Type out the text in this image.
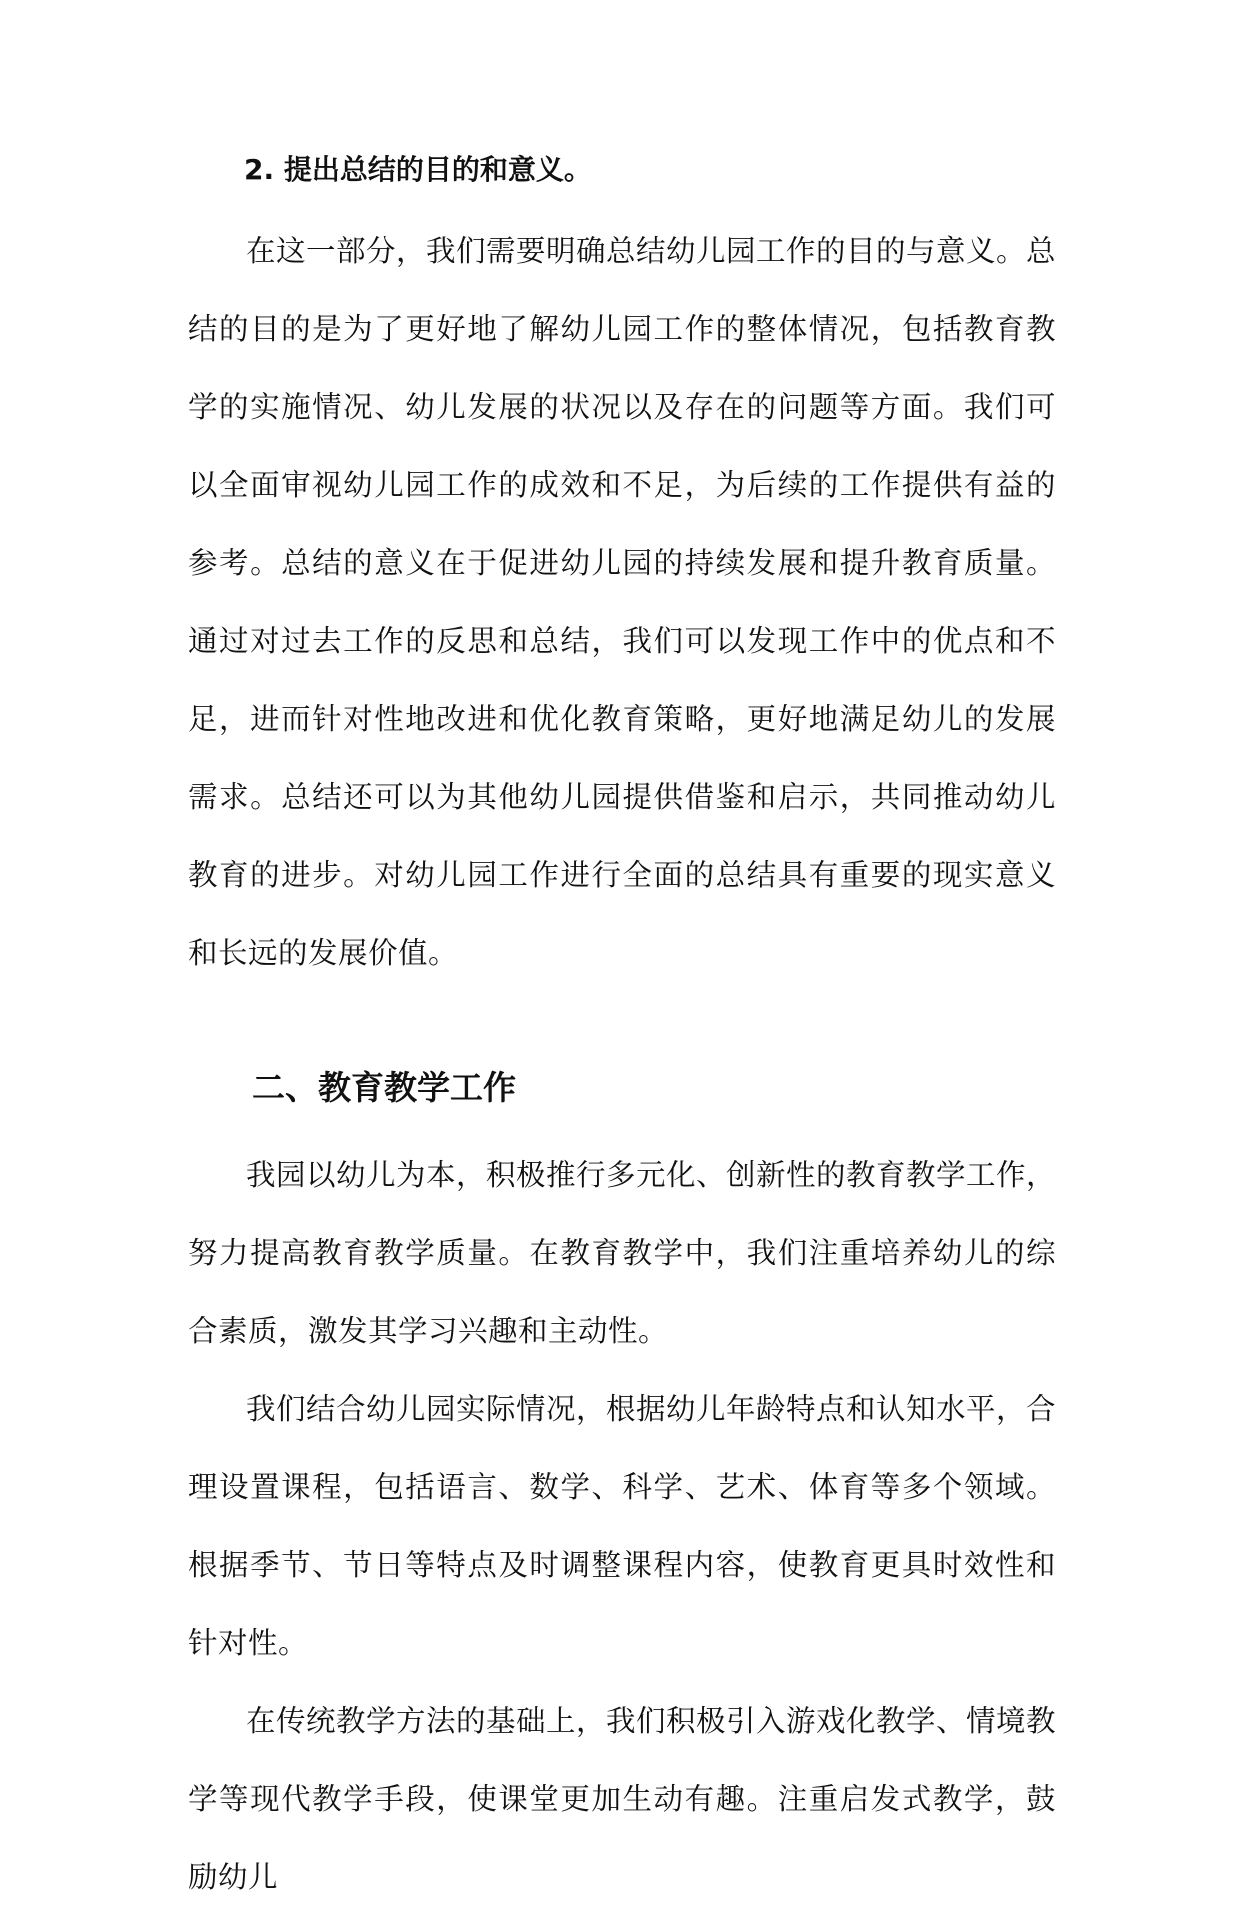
2. 提出总结的目的和意义。

在这一部分，我们需要明确总结幼儿园工作的目的与意义。总结的目的是为了更好地了解幼儿园工作的整体情况，包括教育教学的实施情况、幼儿发展的状况以及存在的问题等方面。我们可以全面审视幼儿园工作的成效和不足，为后续的工作提供有益的参考。总结的意义在于促进幼儿园的持续发展和提升教育质量。通过对过去工作的反思和总结，我们可以发现工作中的优点和不足，进而针对性地改进和优化教育策略，更好地满足幼儿的发展需求。总结还可以为其他幼儿园提供借鉴和启示，共同推动幼儿教育的进步。对幼儿园工作进行全面的总结具有重要的现实意义和长远的发展价值。

二、教育教学工作

我园以幼儿为本，积极推行多元化、创新性的教育教学工作，努力提高教育教学质量。在教育教学中，我们注重培养幼儿的综合素质，激发其学习兴趣和主动性。

我们结合幼儿园实际情况，根据幼儿年龄特点和认知水平，合理设置课程，包括语言、数学、科学、艺术、体育等多个领域。根据季节、节日等特点及时调整课程内容，使教育更具时效性和针对性。

在传统教学方法的基础上，我们积极引入游戏化教学、情境教学等现代教学手段，使课堂更加生动有趣。注重启发式教学，鼓励幼儿
